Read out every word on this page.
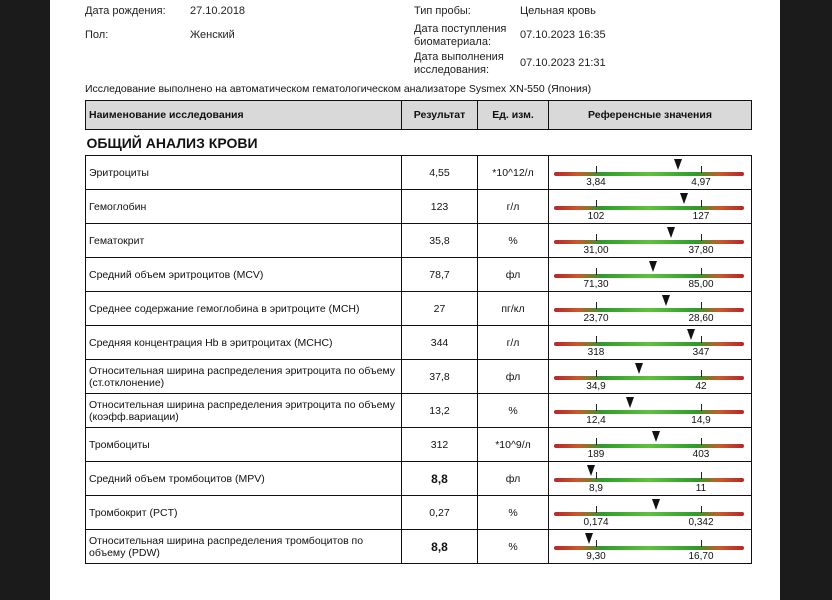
Дата рождения: 27.10.2018
Пол:	Женский
Тип пробы:	Цельная кровь
Дата поступления
биоматериала:
07.10.2023 16:35
Дата выполнения
исследования:
07.10.2023 21:31
Исследование выполнено на автоматическом гематологическом анализаторе Sysmex XN-550 (Япония)
Наименование исследования	Результат	Ед. изм.	Референсные значения
ОБЩИЙ АНАЛИЗ КРОВИ			
Эритроциты	4,55	*10^12/л	3,84 4,97

Гемоглобин	123	г/л	102 127

Гематокрит	35,8	%	31,00 37,80

Средний объем эритроцитов (MCV)	78,7	фл	71,30 85,00

Среднее содержание гемоглобина в эритроците (MCH)	27	пг/кл	23,70 28,60

Средняя концентрация Hb в эритроцитах (MCHC)	344	г/л	318 347

Относительная ширина распределения эритроцита по объему (ст.отклонение)	37,8	фл	34,9 42

Относительная ширина распределения эритроцита по объему (коэфф.вариации)	13,2	%	12,4 14,9

Тромбоциты	312	*10^9/л	189 403

Средний объем тромбоцитов (MPV)	8,8	фл	8,9 11

Тромбокрит (PCT)	0,27	%	0,174 0,342

Относительная ширина распределения тромбоцитов по объему (PDW)	8,8	%	9,30 16,70
